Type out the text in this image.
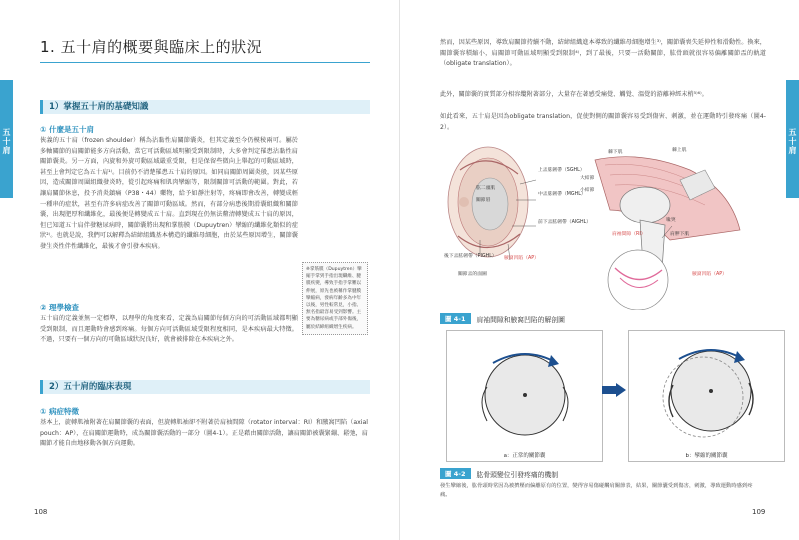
五十肩
1. 五十肩的概要與臨床上的狀況
1）掌握五十肩的基礎知識
① 什麼是五十肩
俠義的五十肩（frozen shoulder）稱為沾黏性肩關節囊炎，但其定義至今仍模稜兩可。屬於多軸關節的肩關節能多方向活動，當它可活動區域明顯受到限制時，大多會判定罹患沾黏性肩關節囊炎。另一方面，內旋和外旋可動區域嚴重受限，但是保留些微向上舉起的可動區域時，甚至上會判定它為五十肩¹⁾。目前仍不清楚罹患五十肩的原因。如同肩關節周圍炎般，因某些原因，造成關節周圍組織發炎時，從引起疼痛和肌肉攣縮等，限制關節可活動的範圍。對此，若讓肩關節休息，投予消炎鎮痛（P38・44）藥物，給予如靜注射等，疼痛即會改善，轉變成輕一種串的症狀，甚至有許多病症改善了關節可動區域。然而，有部分病患後期滑囊組織和關節囊，出現肥厚和纖維化，最後便是轉變成五十肩。直到現在仍無法釐清轉變成五十肩的原因，但已知道五十肩伴發糖尿病時，關節囊將出現和掌筋膜（Dupuytren）攣縮的纖維化類似的症狀²⁾。也就是說，我們可以解釋為結締組織基本構造的纖維母細胞，由於某些原因增生，關節囊發生炎性伴性纖維化，最後才會引發本疾病。
※掌筋膜（Dupuytren）攣縮手掌到手指出現纖維、腱膜疾變，導致手指手掌難以伸展，原先也被稱作掌腱膜攣縮病，發病年齡多為中年以後，男性較常見，小指、無名指最容易受到影響。主要為糖尿病或手部外傷後，屬於結締組織增生疾病。
② 理學檢查
五十肩的定義並無一定標準，以理學的角度來看，定義為肩關節每個方向的可活動區域都明顯受到限制，而且運動時會感到疼痛。每個方向可活動區域受限程度相同，是本疾病最大特徵。不過，只要有一個方向的可動區域狀況良好，就會被排除在本疾病之外。
2）五十肩的臨床表現
① 病症特徵
基本上，旋轉肌袖附著在肩關節囊的表面，但旋轉肌袖卻不附著於肩袖間隙（rotator interval：RI）和腋窩凹陷（axial pouch：AP），在肩關節運動時，成為關節囊活動的一部分（圖4-1）。正是藉由關節活動，讓肩關節被囊緊繃、鬆弛，肩關節才能自由地移動各個方向運動。
108
五十肩
然而，因某些原因，導致肩關節持續不動，結締組織進本導致的纖維母細胞增生³⁾，關節囊喪失延伸性和滑動性。換來，關節囊容積縮小，肩關節可動區域明顯受到限制⁴⁾，到了最後，只要一活動關節，肱骨頭就很容易偏離關節盂的軌道（obligate translation）。
此外，關節囊的實質部分相容纜附著部分，大量存在著感受痛覺、觸覺、溫覺的游離神經末梢⁵⁾⁶⁾。
如此看來，五十肩是因為obligate translation，促使對側的關節囊容易受到傷害、刺激，並在運動時引發疼痛（圖4-2）。
上盂肱韌帶（SGHL）
中盂肱韌帶（MGHL）
前下盂肱韌帶（AIGHL）
後下盂肱韌帶（PIGHL） 腋窩凹陷（AP）
關節盂的面圖
肱二頭肌
關節唇
棘上肌
棘下肌
大結節
小結節
喙突
肩袖間隙（RI）	肩胛下肌
腋窩凹陷（AP）
圖 4-1	肩袖間隙和腋窩凹陷的解剖圖
a：正常的關節囊	b：攣縮的關節囊
圖 4-2	肱骨頭變位引發疼痛的機制
發生攣縮後，肱骨頭時常因為被擠壓而偏離原有的位置，變得容易傷碰觸肩關節表，結果，關節囊受到傷害，刺激，導致運動時感到疼痛。
109
